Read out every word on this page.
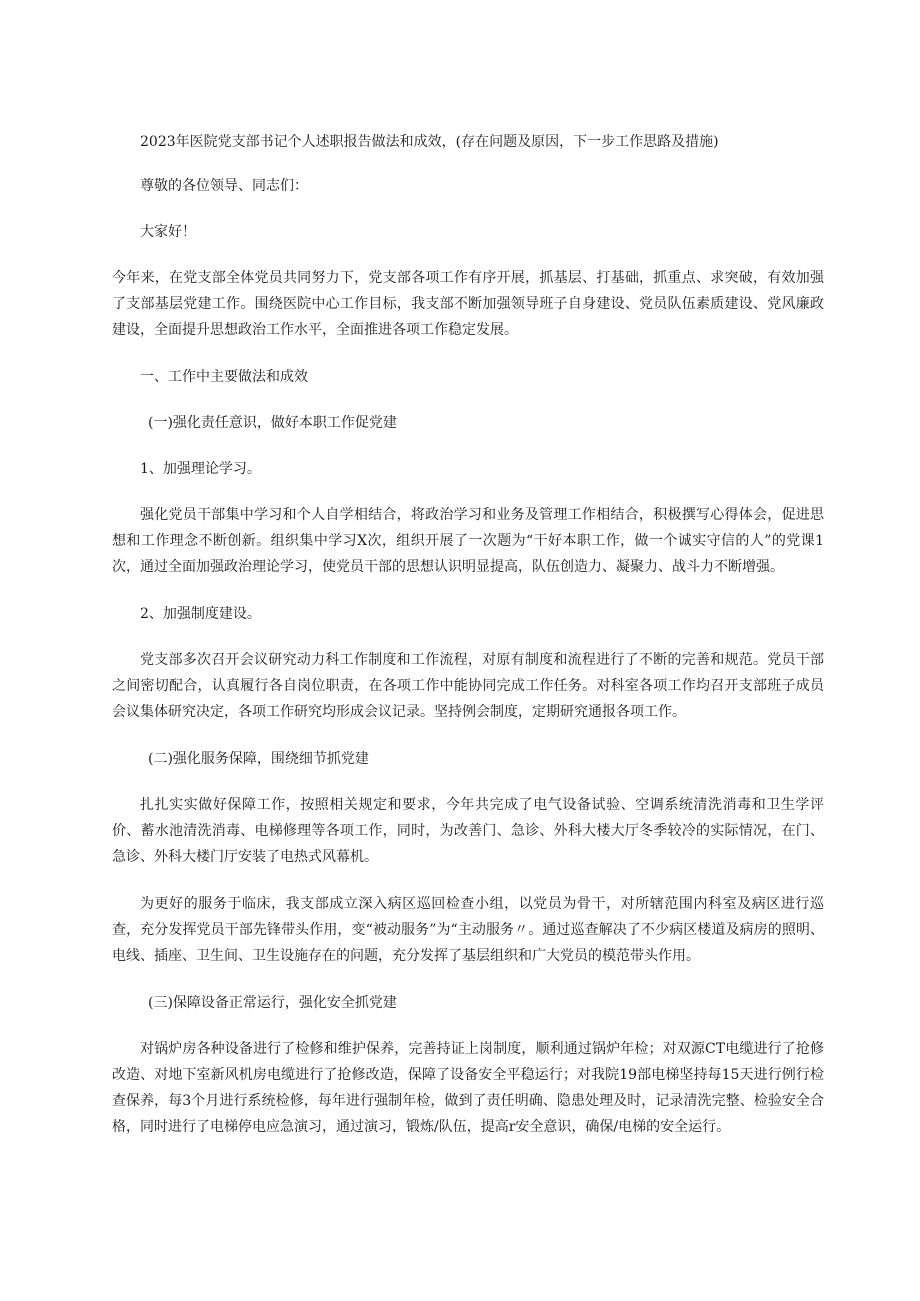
2023年医院党支部书记个人述职报告做法和成效，(存在问题及原因，下一步工作思路及措施)
尊敬的各位领导、同志们：
大家好！

今年来，在党支部全体党员共同努力下，党支部各项工作有序开展，抓基层、打基础，抓重点、求突破，有效加强了支部基层党建工作。围绕医院中心工作目标，我支部不断加强领导班子自身建设、党员队伍素质建设、党风廉政建设，全面提升思想政治工作水平，全面推进各项工作稳定发展。

一、工作中主要做法和成效
(一)强化责任意识，做好本职工作促党建
1、加强理论学习。

强化党员干部集中学习和个人自学相结合，将政治学习和业务及管理工作相结合，积极撰写心得体会，促进思想和工作理念不断创新。组织集中学习X次，组织开展了一次题为“干好本职工作，做一个诚实守信的人”的党课1次，通过全面加强政治理论学习，使党员干部的思想认识明显提高，队伍创造力、凝聚力、战斗力不断增强。

2、加强制度建设。

党支部多次召开会议研究动力科工作制度和工作流程，对原有制度和流程进行了不断的完善和规范。党员干部之间密切配合，认真履行各自岗位职责，在各项工作中能协同完成工作任务。对科室各项工作均召开支部班子成员会议集体研究决定，各项工作研究均形成会议记录。坚持例会制度，定期研究通报各项工作。

(二)强化服务保障，围绕细节抓党建

扎扎实实做好保障工作，按照相关规定和要求，今年共完成了电气设备试验、空调系统清洗消毒和卫生学评价、蓄水池清洗消毒、电梯修理等各项工作，同时，为改善门、急诊、外科大楼大厅冬季较冷的实际情况，在门、急诊、外科大楼门厅安装了电热式风幕机。

为更好的服务于临床，我支部成立深入病区巡回检查小组，以党员为骨干，对所辖范围内科室及病区进行巡查，充分发挥党员干部先锋带头作用，变“被动服务”为“主动服务〃。通过巡查解决了不少病区楼道及病房的照明、电线、插座、卫生间、卫生设施存在的问题，充分发挥了基层组织和广大党员的模范带头作用。

(三)保障设备正常运行，强化安全抓党建

对锅炉房各种设备进行了检修和维护保养，完善持证上岗制度，顺利通过锅炉年检；对双源CT电缆进行了抢修改造、对地下室新风机房电缆进行了抢修改造，保障了设备安全平稳运行；对我院19部电梯坚持每15天进行例行检查保养，每3个月进行系统检修，每年进行强制年检，做到了责任明确、隐患处理及时，记录清洗完整、检验安全合格，同时进行了电梯停电应急演习，通过演习，锻炼/队伍，提高r安全意识，确保/电梯的安全运行。
